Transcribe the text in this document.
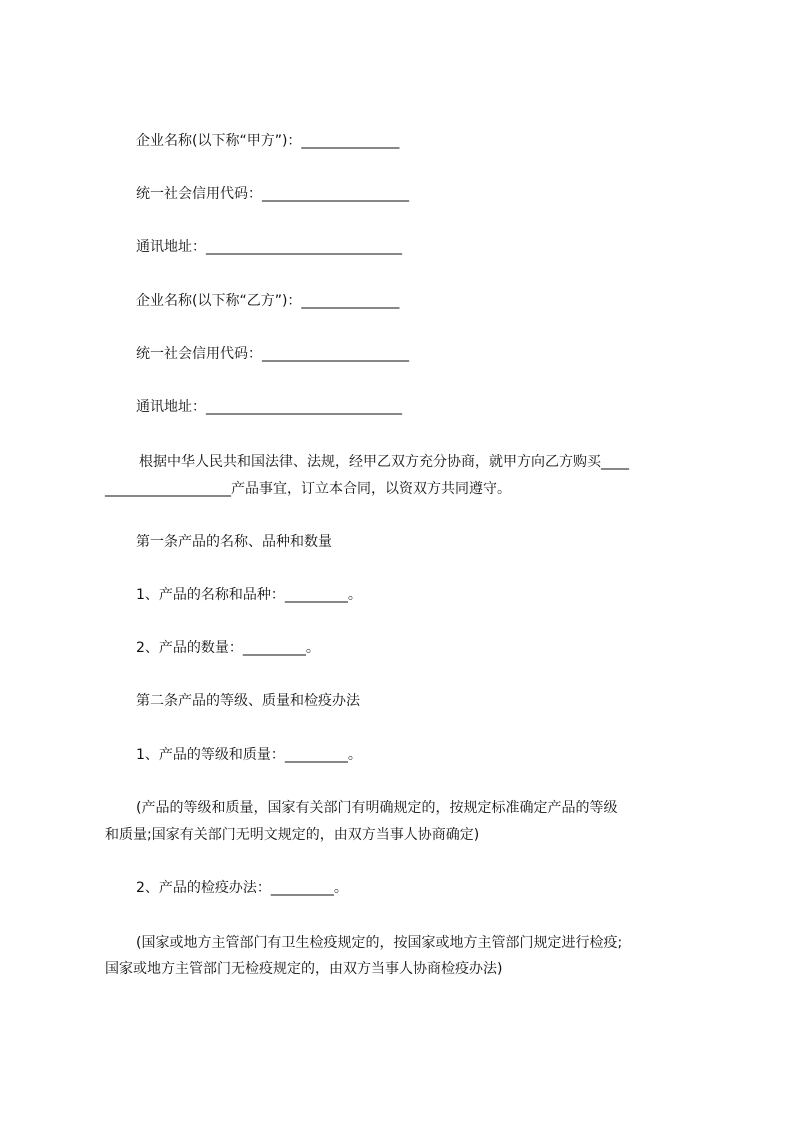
企业名称(以下称“甲方”)：______________
统一社会信用代码：_____________________
通讯地址：____________________________
企业名称(以下称“乙方”)：______________
统一社会信用代码：_____________________
通讯地址：____________________________
根据中华人民共和国法律、法规，经甲乙双方充分协商，就甲方向乙方购买____
__________________产品事宜，订立本合同，以资双方共同遵守。
第一条产品的名称、品种和数量
1、产品的名称和品种：_________。
2、产品的数量：_________。
第二条产品的等级、质量和检疫办法
1、产品的等级和质量：_________。
(产品的等级和质量，国家有关部门有明确规定的，按规定标准确定产品的等级
和质量;国家有关部门无明文规定的，由双方当事人协商确定)
2、产品的检疫办法：_________。
(国家或地方主管部门有卫生检疫规定的，按国家或地方主管部门规定进行检疫;
国家或地方主管部门无检疫规定的，由双方当事人协商检疫办法)
